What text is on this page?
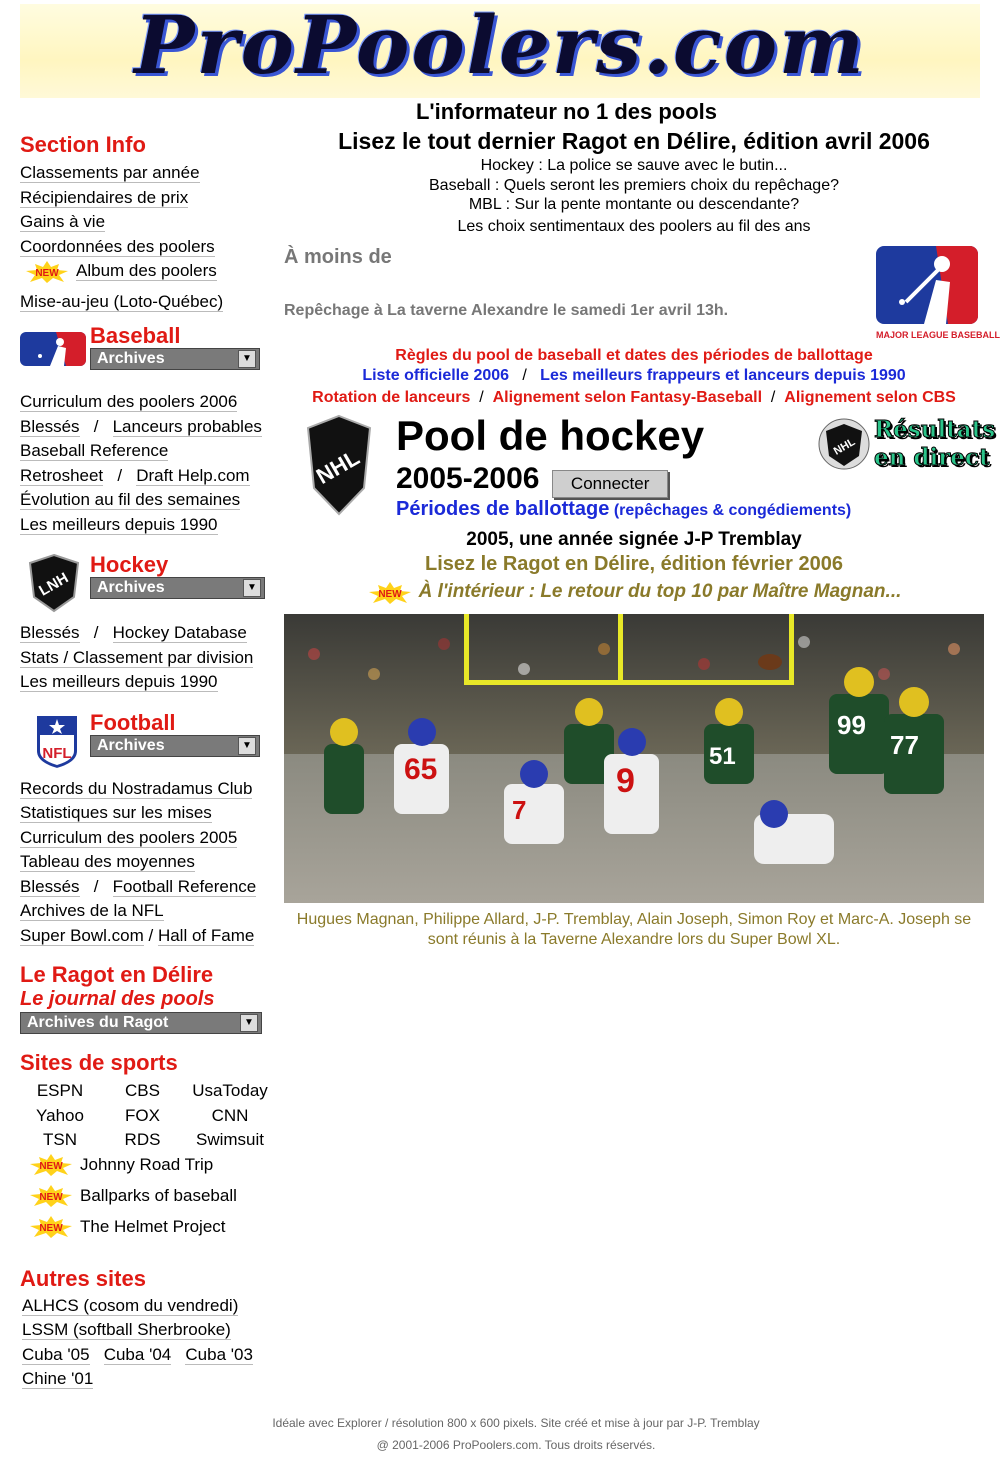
ProPoolers.com
Section Info
Classements par année
Récipiendaires de prix
Gains à vie
Coordonnées des poolers
NEW Album des poolers
Mise-au-jeu (Loto-Québec)
Baseball
Archives	▼
Curriculum des poolers 2006
Blessés   /   Lanceurs probables
Baseball Reference
Retrosheet   /   Draft Help.com
Évolution au fil des semaines
Les meilleurs depuis 1990
LNH
Hockey
Archives	▼
Blessés   /   Hockey Database
Stats / Classement par division
Les meilleurs depuis 1990
NFL
Football
Archives	▼
Records du Nostradamus Club
Statistiques sur les mises
Curriculum des poolers 2005
Tableau des moyennes
Blessés   /   Football Reference
Archives de la NFL
Super Bowl.com / Hall of Fame
Le Ragot en Délire
Le journal des pools
Archives du Ragot	▼
Sites de sports
ESPN	CBS	UsaToday
Yahoo	FOX	CNN
TSN	RDS	Swimsuit
NEW Johnny Road Trip
NEW Ballparks of baseball
NEW The Helmet Project
Autres sites
ALHCS (cosom du vendredi)
LSSM (softball Sherbrooke)
Cuba '05 Cuba '04 Cuba '03
Chine '01
L'informateur no 1 des pools
Lisez le tout dernier Ragot en Délire, édition avril 2006
Hockey : La police se sauve avec le butin...
Baseball : Quels seront les premiers choix du repêchage?
MBL : Sur la pente montante ou descendante?
Les choix sentimentaux des poolers au fil des ans
À moins de
Repêchage à La taverne Alexandre le samedi 1er avril 13h.
MAJOR LEAGUE BASEBALL
Règles du pool de baseball et dates des périodes de ballottage
Liste officielle 2006   /   Les meilleurs frappeurs et lanceurs depuis 1990
Rotation de lanceurs  /  Alignement selon Fantasy-Baseball  /  Alignement selon CBS
NHL
Pool de hockey
2005-2006 Connecter
Périodes de ballottage (repêchages & congédiements)
NHL
Résultats
en direct
2005, une année signée J-P Tremblay
Lisez le Ragot en Délire, édition février 2006
NEW À l'intérieur : Le retour du top 10 par Maître Magnan...
65	9
51
99
77
7
Hugues Magnan, Philippe Allard, J-P. Tremblay, Alain Joseph, Simon Roy et Marc-A. Joseph se sont réunis à la Taverne Alexandre lors du Super Bowl XL.
Idéale avec Explorer / résolution 800 x 600 pixels. Site créé et mise à jour par J-P. Tremblay
@ 2001-2006 ProPoolers.com. Tous droits réservés.
